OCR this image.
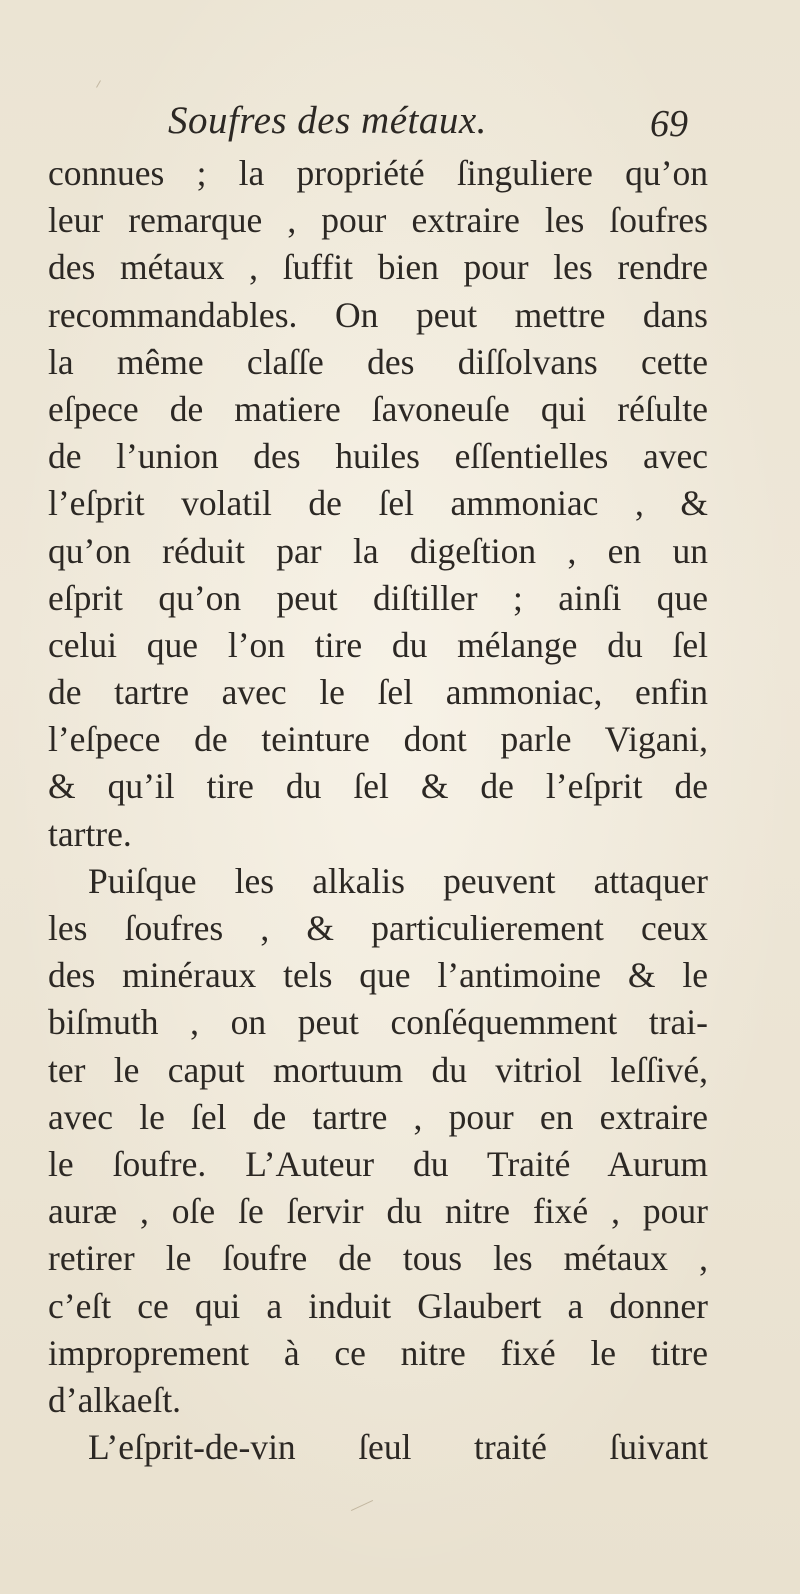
Soufres des métaux.	69
connues ; la propriété ſinguliere qu’on
leur remarque , pour extraire les ſoufres
des métaux , ſuffit bien pour les rendre
recommandables. On peut mettre dans
la même claſſe des diſſolvans cette
eſpece de matiere ſavoneuſe qui réſulte
de l’union des huiles eſſentielles avec
l’eſprit volatil de ſel ammoniac , &
qu’on réduit par la digeſtion , en un
eſprit qu’on peut diſtiller ; ainſi que
celui que l’on tire du mélange du ſel
de tartre avec le ſel ammoniac, enfin
l’eſpece de teinture dont parle Vigani,
& qu’il tire du ſel & de l’eſprit de
tartre.
Puiſque les alkalis peuvent attaquer
les ſoufres , & particulierement ceux
des minéraux tels que l’antimoine & le
biſmuth , on peut conſéquemment trai-
ter le caput mortuum du vitriol leſſivé,
avec le ſel de tartre , pour en extraire
le ſoufre. L’Auteur du Traité Aurum
auræ , oſe ſe ſervir du nitre fixé , pour
retirer le ſoufre de tous les métaux ,
c’eſt ce qui a induit Glaubert a donner
improprement à ce nitre fixé le titre
d’alkaeſt.
L’eſprit-de-vin ſeul traité ſuivant
